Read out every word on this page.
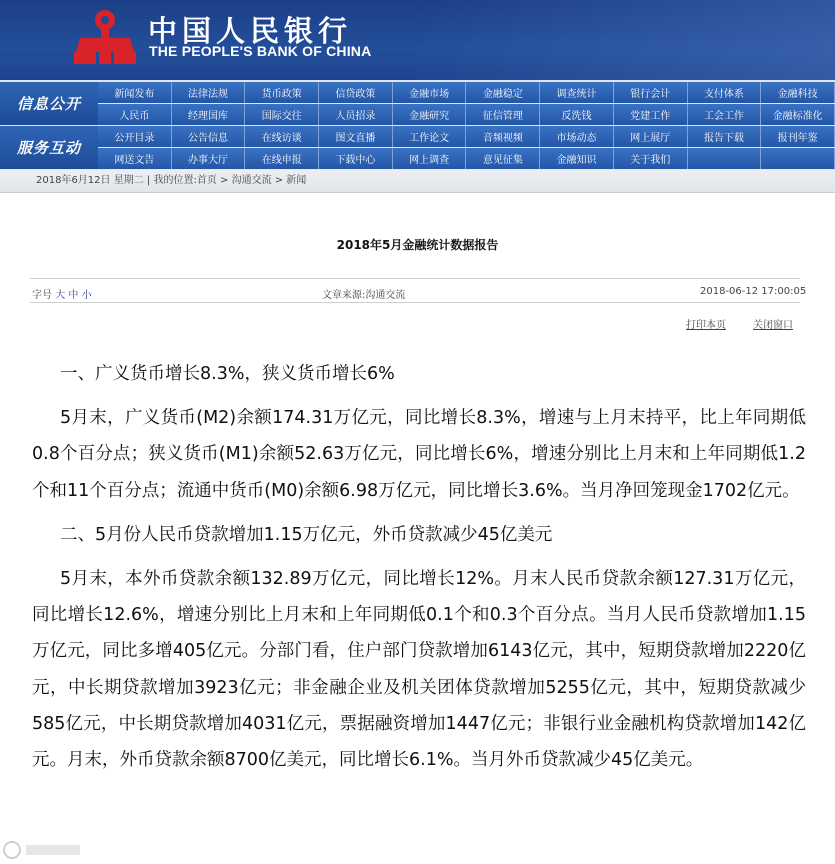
中国人民银行
THE PEOPLE'S BANK OF CHINA
信息公开
新闻发布	法律法规	货币政策	信贷政策	金融市场	金融稳定	调查统计	银行会计	支付体系	金融科技
人民币	经理国库	国际交往	人员招录	金融研究	征信管理	反洗钱	党建工作	工会工作	金融标准化
服务互动
公开目录	公告信息	在线访谈	图文直播	工作论文	音频视频	市场动态	网上展厅	报告下载	报刊年鉴
网送文告	办事大厅	在线申报	下载中心	网上调查	意见征集	金融知识	关于我们
2018年6月12日 星期二 | 我的位置:首页 > 沟通交流 > 新闻
2018年5月金融统计数据报告
字号 大 中 小	文章来源:沟通交流	2018-06-12 17:00:05
打印本页	关闭窗口

一、广义货币增长8.3%，狭义货币增长6%

5月末，广义货币(M2)余额174.31万亿元，同比增长8.3%，增速与上月末持平，比上年同期低0.8个百分点；狭义货币(M1)余额52.63万亿元，同比增长6%，增速分别比上月末和上年同期低1.2个和11个百分点；流通中货币(M0)余额6.98万亿元，同比增长3.6%。当月净回笼现金1702亿元。

二、5月份人民币贷款增加1.15万亿元，外币贷款减少45亿美元

5月末，本外币贷款余额132.89万亿元，同比增长12%。月末人民币贷款余额127.31万亿元，同比增长12.6%，增速分别比上月末和上年同期低0.1个和0.3个百分点。当月人民币贷款增加1.15万亿元，同比多增405亿元。分部门看，住户部门贷款增加6143亿元，其中，短期贷款增加2220亿元，中长期贷款增加3923亿元；非金融企业及机关团体贷款增加5255亿元，其中，短期贷款减少585亿元，中长期贷款增加4031亿元，票据融资增加1447亿元；非银行业金融机构贷款增加142亿元。月末，外币贷款余额8700亿美元，同比增长6.1%。当月外币贷款减少45亿美元。
